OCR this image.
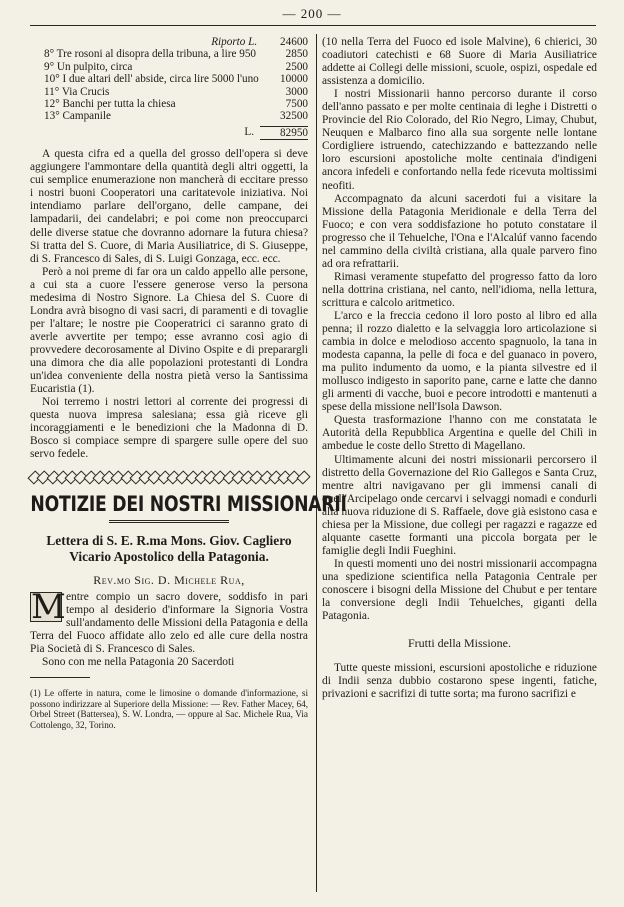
— 200 —
Riporto L. 24600
8° Tre rosoni al disopra della tribuna, a lire 950	2850
9° Un pulpito, circa	2500
10° I due altari dell' abside, circa lire 5000 l'uno	10000
11° Via Crucis	3000
12° Banchi per tutta la chiesa	7500
13° Campanile	32500
L.	82950

A questa cifra ed a quella del grosso dell'opera si deve aggiungere l'ammontare della quantità degli altri oggetti, la cui semplice enumerazione non mancherà di eccitare presso i nostri buoni Cooperatori una caritatevole iniziativa. Noi intendiamo parlare dell'organo, delle campane, dei lampadarii, dei candelabri; e poi come non preoccuparci delle diverse statue che dovranno adornare la futura chiesa? Si tratta del S. Cuore, di Maria Ausiliatrice, di S. Giuseppe, di S. Francesco di Sales, di S. Luigi Gonzaga, ecc. ecc.

Però a noi preme di far ora un caldo appello alle persone, a cui sta a cuore l'essere generose verso la persona medesima di Nostro Signore. La Chiesa del S. Cuore di Londra avrà bisogno di vasi sacri, di paramenti e di tovaglie per l'altare; le nostre pie Cooperatrici ci saranno grato di averle avvertite per tempo; esse avranno così agio di provvedere decorosamente al Divino Ospite e di preparargli una dimora che dia alle popolazioni protestanti di Londra un'idea conveniente della nostra pietà verso la Santissima Eucaristia (1).

Noi terremo i nostri lettori al corrente dei progressi di questa nuova impresa salesiana; essa già riceve gli incoraggiamenti e le benedizioni che la Madonna di D. Bosco si compiace sempre di spargere sulle opere del suo servo fedele.

NOTIZIE DEI NOSTRI MISSIONARII
Lettera di S. E. R.ma Mons. Giov. Cagliero Vicario Apostolico della Patagonia.
Rev.mo Sig. D. Michele Rua,

M entre compio un sacro dovere, soddisfo in pari tempo al desiderio d'informare la Signoria Vostra sull'andamento delle Missioni della Patagonia e della Terra del Fuoco affidate allo zelo ed alle cure della nostra Pia Società di S. Francesco di Sales.

Sono con me nella Patagonia 20 Sacerdoti

(1) Le offerte in natura, come le limosine o domande d'informazione, si possono indirizzare al Superiore della Missione: — Rev. Father Macey, 64, Orbel Street (Battersea), S. W. Londra, — oppure al Sac. Michele Rua, Via Cottolengo, 32, Torino.

(10 nella Terra del Fuoco ed isole Malvine), 6 chierici, 30 coadiutori catechisti e 68 Suore di Maria Ausiliatrice addette ai Collegi delle missioni, scuole, ospizi, ospedale ed assistenza a domicilio.

I nostri Missionarii hanno percorso durante il corso dell'anno passato e per molte centinaia di leghe i Distretti o Provincie del Rio Colorado, del Rio Negro, Limay, Chubut, Neuquen e Malbarco fino alla sua sorgente nelle lontane Cordigliere istruendo, catechizzando e battezzando nelle loro escursioni apostoliche molte centinaia d'indigeni ancora infedeli e confortando nella fede ricevuta moltissimi neofiti.

Accompagnato da alcuni sacerdoti fui a visitare la Missione della Patagonia Meridionale e della Terra del Fuoco; e con vera soddisfazione ho potuto constatare il progresso che il Tehuelche, l'Ona e l'Alcalúf vanno facendo nel cammino della civiltà cristiana, alla quale parvero fino ad ora refrattarii.

Rimasi veramente stupefatto del progresso fatto da loro nella dottrina cristiana, nel canto, nell'idioma, nella lettura, scrittura e calcolo aritmetico.

L'arco e la freccia cedono il loro posto al libro ed alla penna; il rozzo dialetto e la selvaggia loro articolazione si cambia in dolce e melodioso accento spagnuolo, la tana in modesta capanna, la pelle di foca e del guanaco in povero, ma pulito indumento da uomo, e la pianta silvestre ed il mollusco indigesto in saporito pane, carne e latte che danno gli armenti di vacche, buoi e pecore introdotti e mantenuti a spese della missione nell'Isola Dawson.

Questa trasformazione l'hanno con me constatata le Autorità della Repubblica Argentina e quelle del Chilì in ambedue le coste dello Stretto di Magellano.

Ultimamente alcuni dei nostri missionarii percorsero il distretto della Governazione del Rio Gallegos e Santa Cruz, mentre altri navigavano per gli immensi canali di quell'Arcipelago onde cercarvi i selvaggi nomadi e condurli alla nuova riduzione di S. Raffaele, dove già esistono casa e chiesa per la Missione, due collegi per ragazzi e ragazze ed alquante casette formanti una piccola borgata per le famiglie degli Indii Fueghini.

In questi momenti uno dei nostri missionarii accompagna una spedizione scientifica nella Patagonia Centrale per conoscere i bisogni della Missione del Chubut e per tentare la conversione degli Indii Tehuelches, giganti della Patagonia.

Frutti della Missione.

Tutte queste missioni, escursioni apostoliche e riduzione di Indii senza dubbio costarono spese ingenti, fatiche, privazioni e sacrifizi di tutte sorta; ma furono sacrifizi e
